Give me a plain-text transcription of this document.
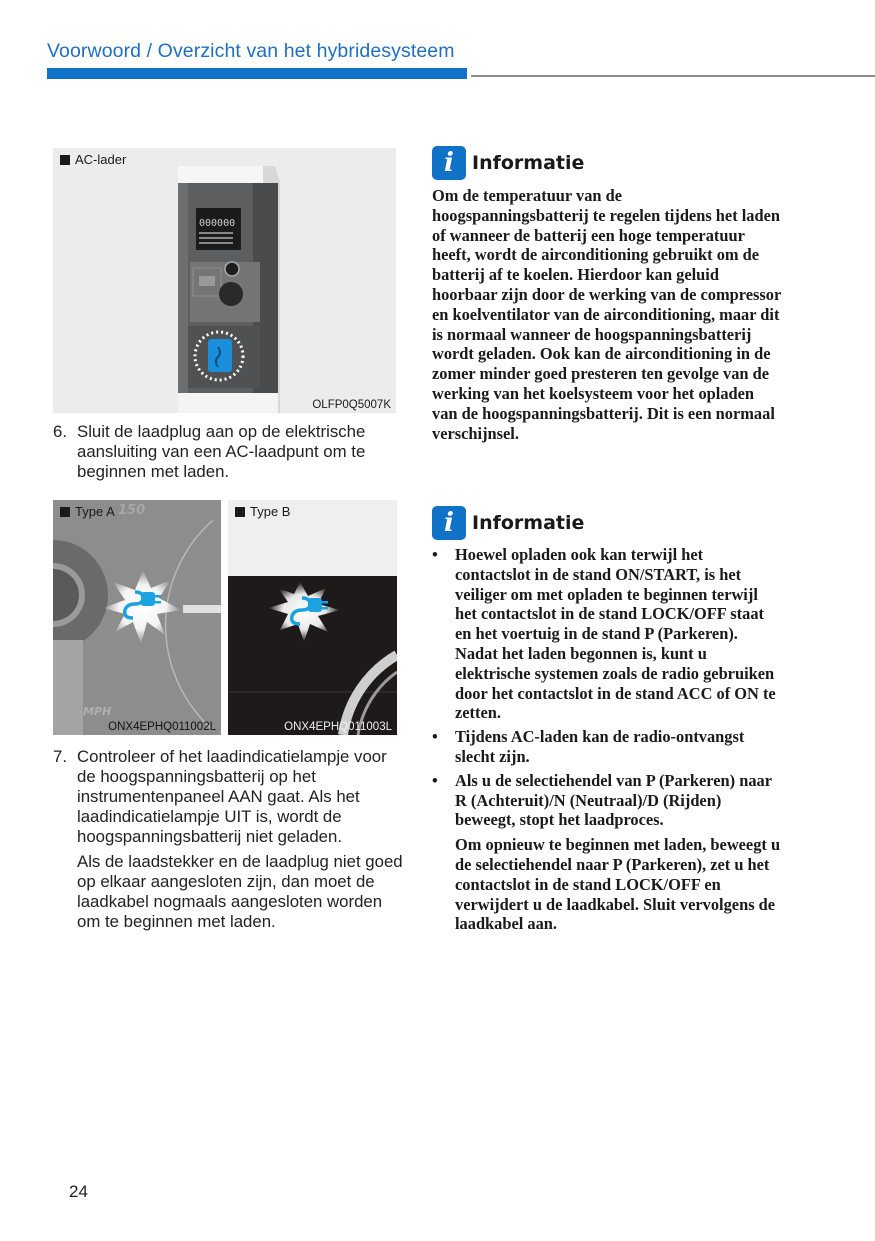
Voorwoord / Overzicht van het hybridesysteem
000000
AC-lader
OLFP0Q5007K
6. Sluit de laadplug aan op de elektrische aansluiting van een AC-laadpunt om te beginnen met laden.

MPH
150
Type A
ONX4EPHQ011002L
Type B
ONX4EPHQ011003L
7. Controleer of het laadindicatielampje voor de hoogspanningsbatterij op het instrumentenpaneel AAN gaat. Als het laadindicatielampje UIT is, wordt de hoogspanningsbatterij niet geladen.

Als de laadstekker en de laadplug niet goed op elkaar aangesloten zijn, dan moet de laadkabel nogmaals aangesloten worden om te beginnen met laden.

i Informatie

Om de temperatuur van de hoogspanningsbatterij te regelen tijdens het laden of wanneer de batterij een hoge temperatuur heeft, wordt de airconditioning gebruikt om de batterij af te koelen. Hierdoor kan geluid hoorbaar zijn door de werking van de compressor en koelventilator van de airconditioning, maar dit is normaal wanneer de hoogspanningsbatterij wordt geladen. Ook kan de airconditioning in de zomer minder goed presteren ten gevolge van de werking van het koelsysteem voor het opladen van de hoogspanningsbatterij. Dit is een normaal verschijnsel.

i Informatie
• Hoewel opladen ook kan terwijl het contactslot in de stand ON/START, is het veiliger om met opladen te beginnen terwijl het contactslot in de stand LOCK/OFF staat en het voertuig in de stand P (Parkeren). Nadat het laden begonnen is, kunt u elektrische systemen zoals de radio gebruiken door het contactslot in de stand ACC of ON te zetten.

• Tijdens AC-laden kan de radio-ontvangst slecht zijn.

• Als u de selectiehendel van P (Parkeren) naar R (Achteruit)/N (Neutraal)/D (Rijden) beweegt, stopt het laadproces.

Om opnieuw te beginnen met laden, beweegt u de selectiehendel naar P (Parkeren), zet u het contactslot in de stand LOCK/OFF en verwijdert u de laadkabel. Sluit vervolgens de laadkabel aan.

24
